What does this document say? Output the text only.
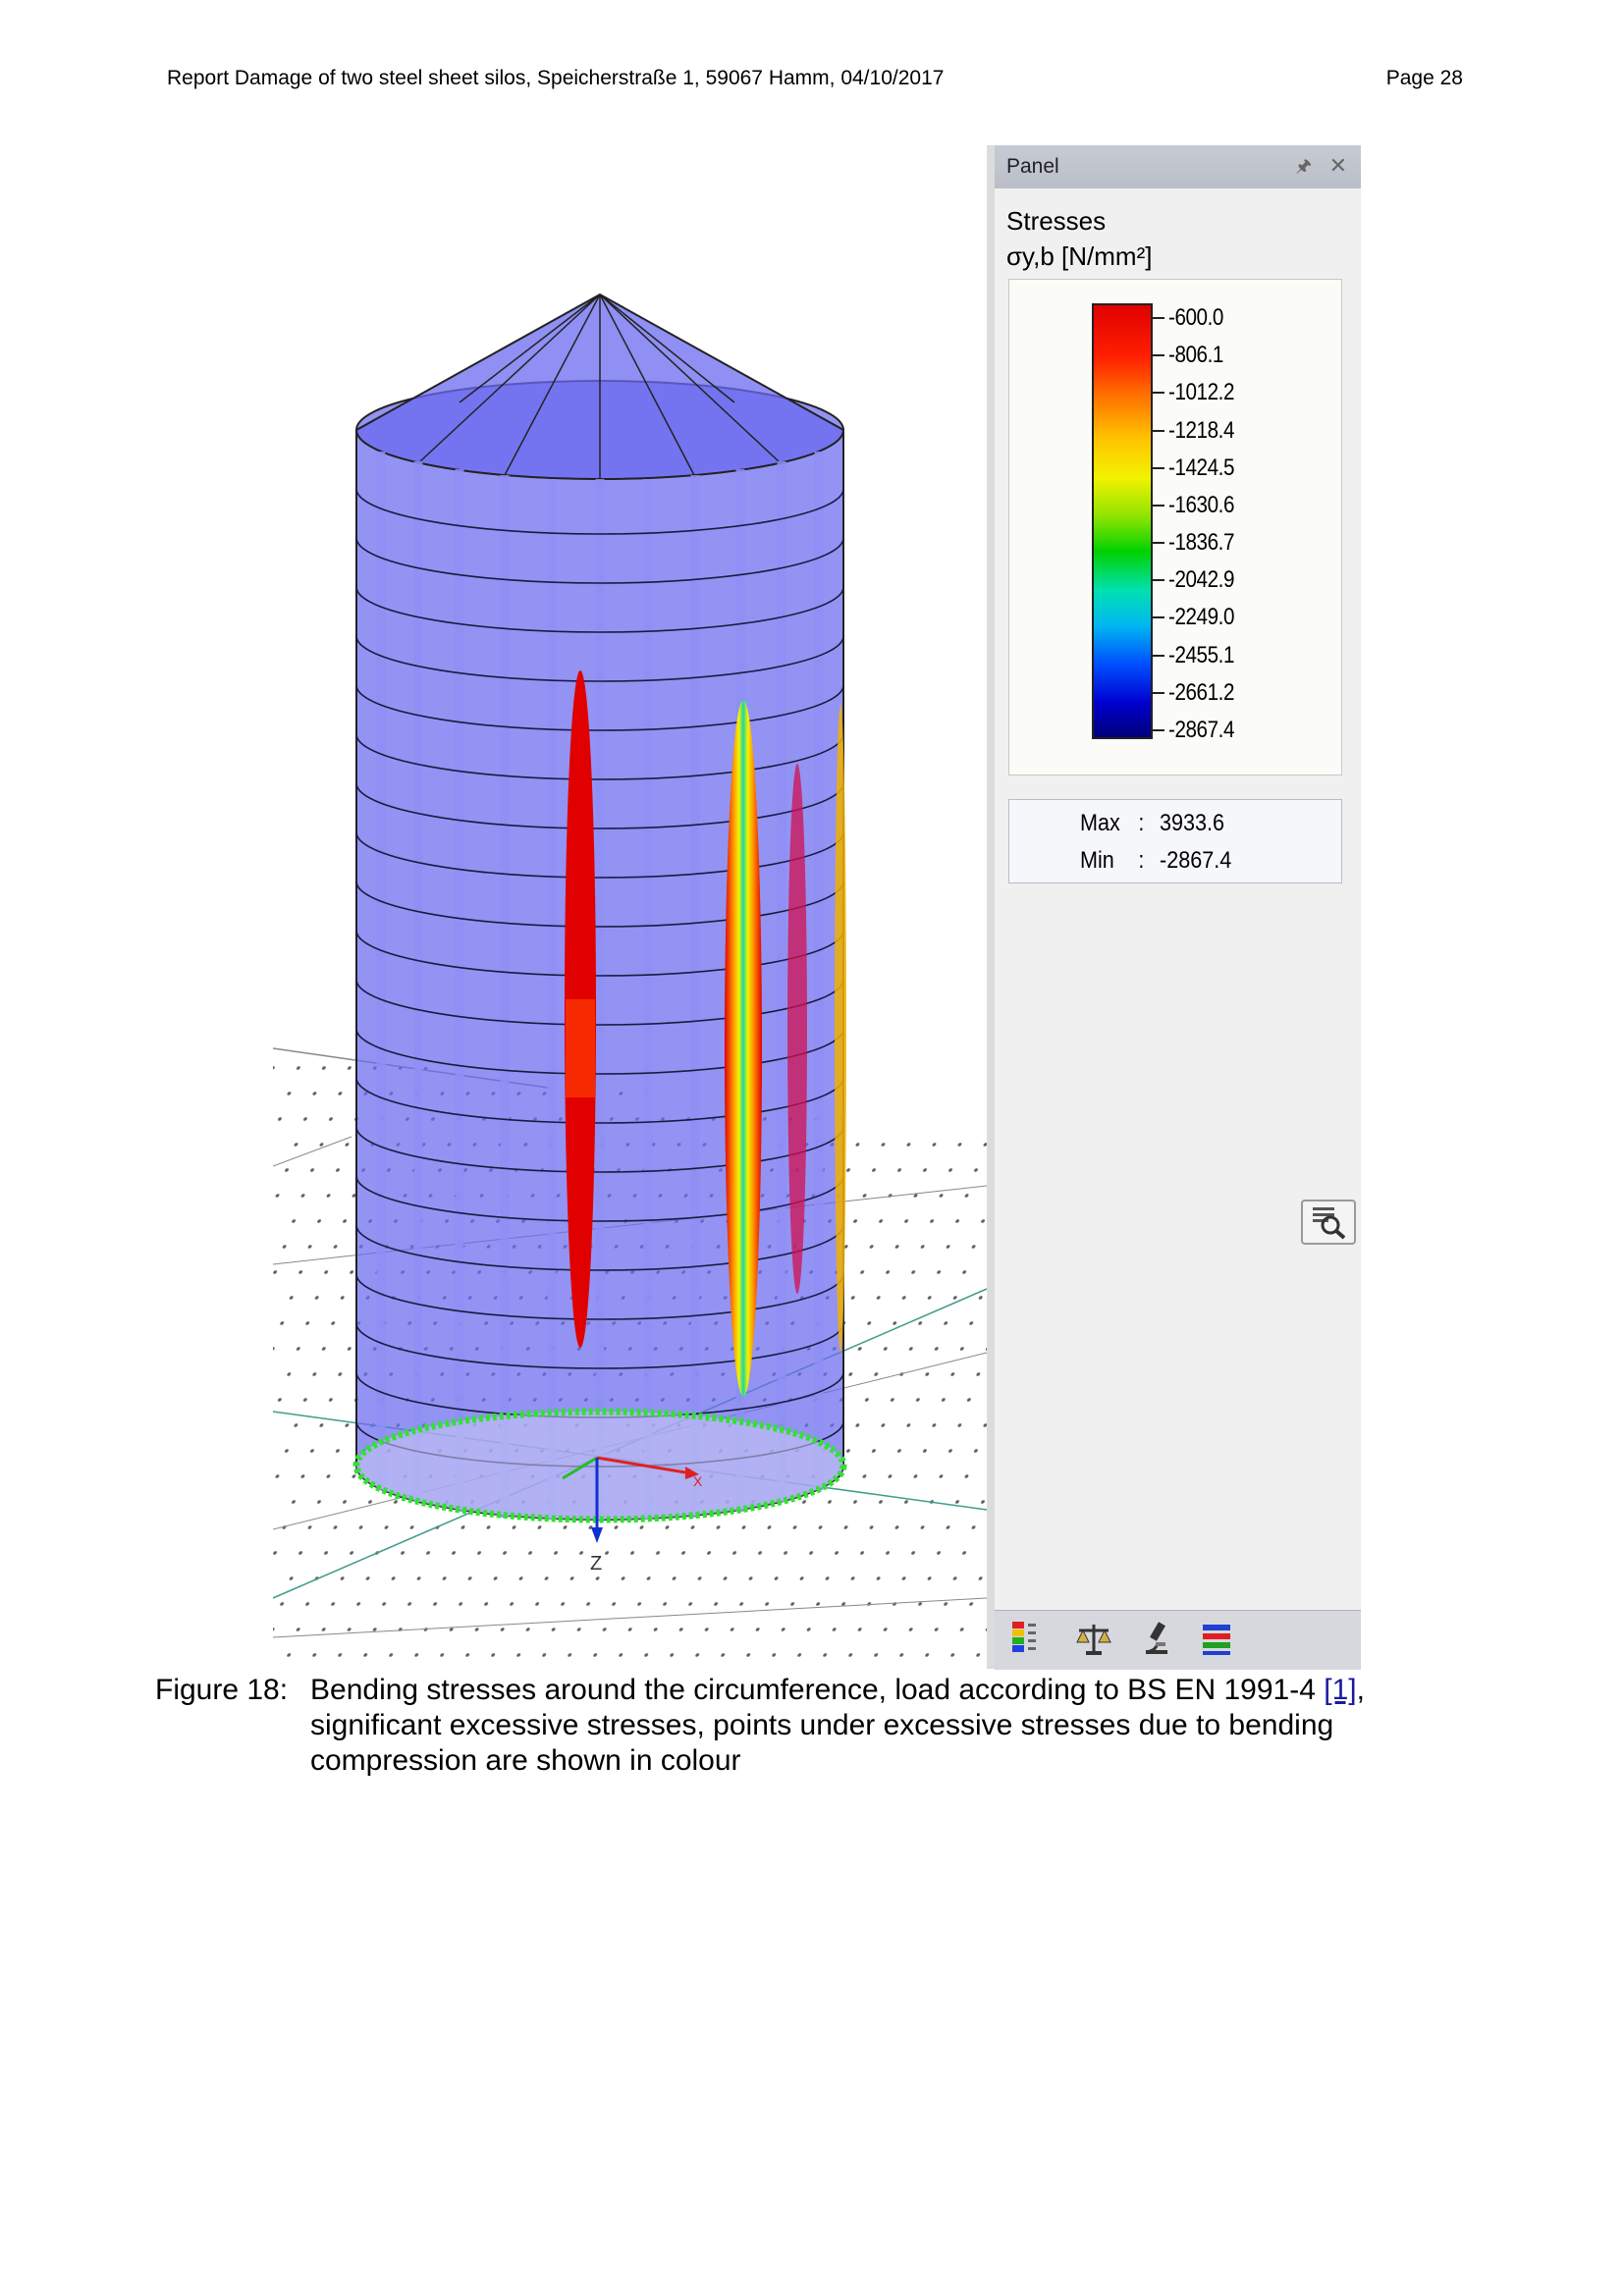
Report Damage of two steel sheet silos, Speicherstraße 1, 59067 Hamm, 04/10/2017	Page 28
X
Z
Panel	🖈︎ ✕
Stresses
σy,b [N/mm²]
-600.0
-806.1
-1012.2
-1218.4
-1424.5
-1630.6
-1836.7
-2042.9
-2249.0
-2455.1
-2661.2
-2867.4
Max : 3933.6
Min : -2867.4
Figure 18: Bending stresses around the circumference, load according to BS EN 1991-4 [1], significant excessive stresses, points under excessive stresses due to bending compression are shown in colour
